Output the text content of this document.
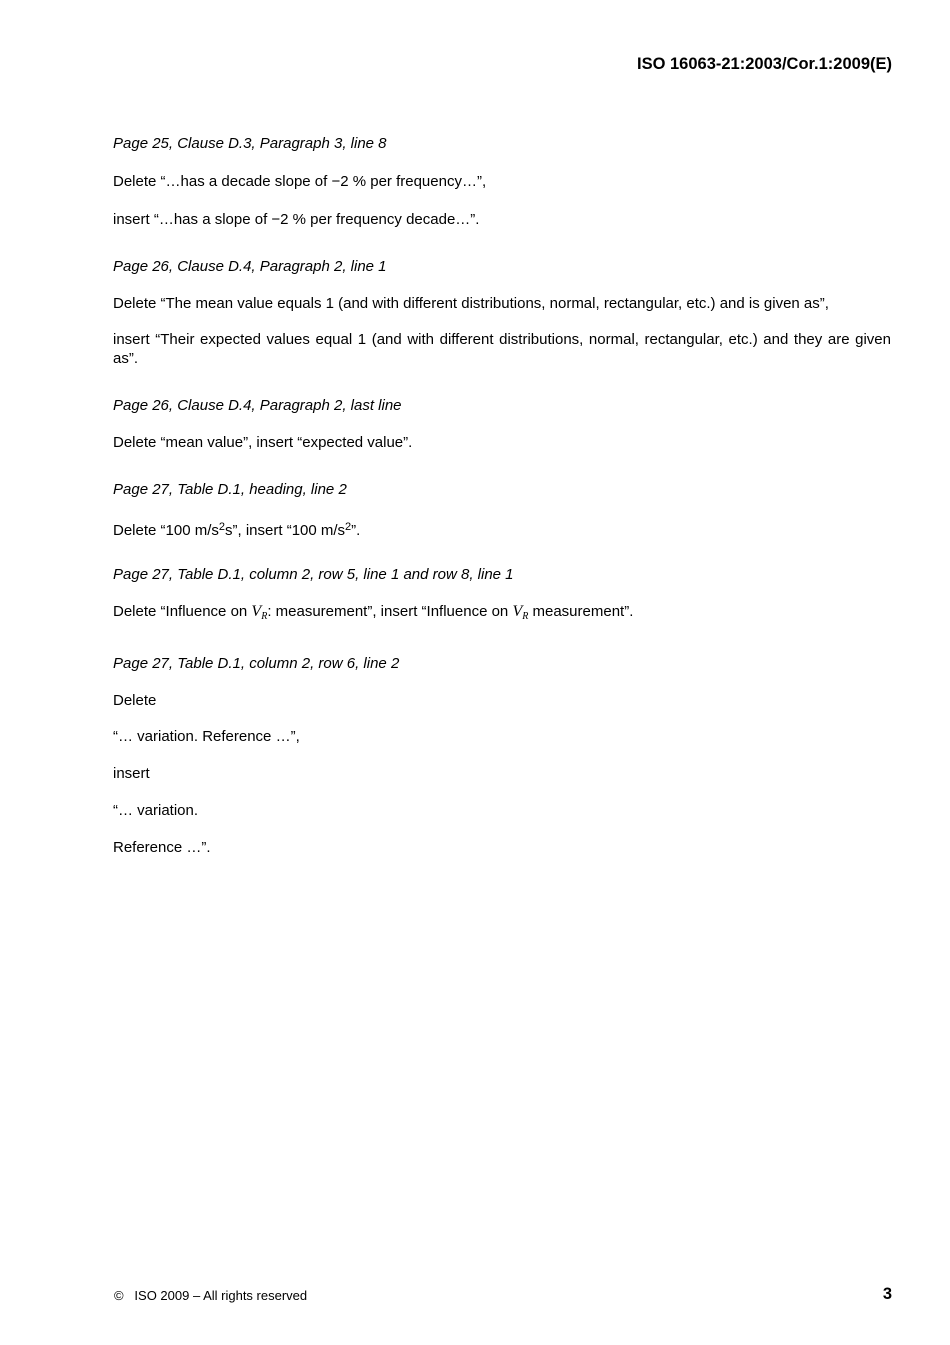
ISO 16063-21:2003/Cor.1:2009(E)
Page 25, Clause D.3, Paragraph 3, line 8
Delete “…has a decade slope of −2 % per frequency…”,
insert “…has a slope of −2 % per frequency decade…”.
Page 26, Clause D.4, Paragraph 2, line 1
Delete “The mean value equals 1 (and with different distributions, normal, rectangular, etc.) and is given as”,
insert “Their expected values equal 1 (and with different distributions, normal, rectangular, etc.) and they are given as”.
Page 26, Clause D.4, Paragraph 2, last line
Delete “mean value”, insert “expected value”.
Page 27, Table D.1, heading, line 2
Delete “100 $m/s^2s$”, insert “100 $m/s^2$”.
Page 27, Table D.1, column 2, row 5, line 1 and row 8, line 1
Delete “Influence on $V_R$: measurement”, insert “Influence on $V_R$ measurement”.
Page 27, Table D.1, column 2, row 6, line 2
Delete
“… variation. Reference …”,
insert
“… variation.
Reference …”.
©   ISO 2009 – All rights reserved	3
